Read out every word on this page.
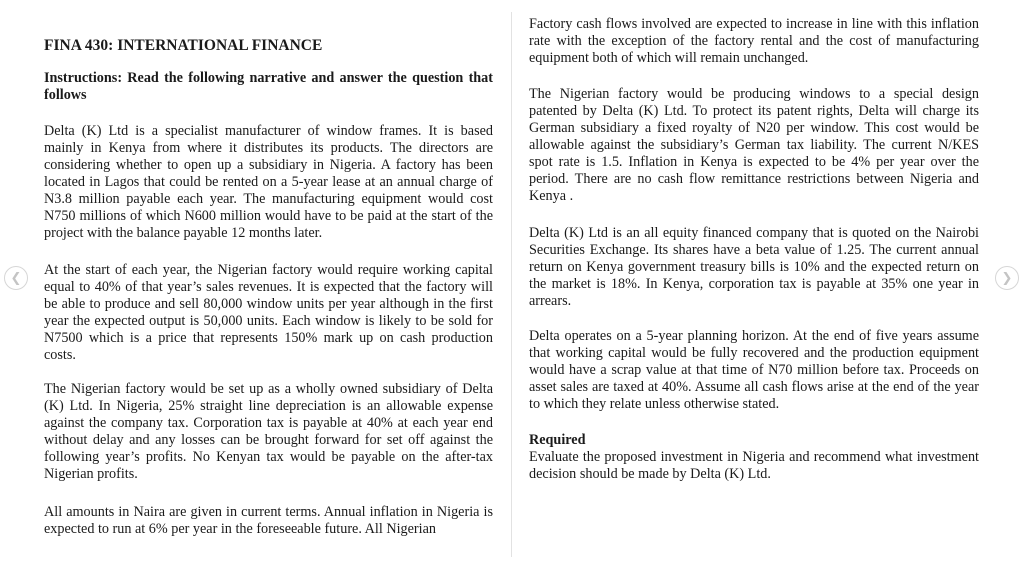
❮
FINA 430: INTERNATIONAL FINANCE

Instructions: Read the following narrative and answer the question that follows

Delta (K) Ltd is a specialist manufacturer of window frames. It is based mainly in Kenya from where it distributes its products. The directors are considering whether to open up a subsidiary in Nigeria. A factory has been located in Lagos that could be rented on a 5-year lease at an annual charge of N3.8 million payable each year. The manufacturing equipment would cost N750 millions of which N600 million would have to be paid at the start of the project with the balance payable 12 months later.

At the start of each year, the Nigerian factory would require working capital equal to 40% of that year’s sales revenues. It is expected that the factory will be able to produce and sell 80,000 window units per year although in the first year the expected output is 50,000 units. Each window is likely to be sold for N7500 which is a price that represents 150% mark up on cash production costs.

The Nigerian factory would be set up as a wholly owned subsidiary of Delta (K) Ltd. In Nigeria, 25% straight line depreciation is an allowable expense against the company tax. Corporation tax is payable at 40% at each year end without delay and any losses can be brought forward for set off against the following year’s profits. No Kenyan tax would be payable on the after-tax Nigerian profits.

All amounts in Naira are given in current terms. Annual inflation in Nigeria is expected to run at 6% per year in the foreseeable future. All Nigerian

Factory cash flows involved are expected to increase in line with this inflation rate with the exception of the factory rental and the cost of manufacturing equipment both of which will remain unchanged.

The Nigerian factory would be producing windows to a special design patented by Delta (K) Ltd. To protect its patent rights, Delta will charge its German subsidiary a fixed royalty of N20 per window. This cost would be allowable against the subsidiary’s German tax liability. The current N/KES spot rate is 1.5. Inflation in Kenya is expected to be 4% per year over the period. There are no cash flow remittance restrictions between Nigeria and Kenya .

Delta (K) Ltd is an all equity financed company that is quoted on the Nairobi Securities Exchange. Its shares have a beta value of 1.25. The current annual return on Kenya government treasury bills is 10% and the expected return on the market is 18%. In Kenya, corporation tax is payable at 35% one year in arrears.

Delta operates on a 5-year planning horizon. At the end of five years assume that working capital would be fully recovered and the production equipment would have a scrap value at that time of N70 million before tax. Proceeds on asset sales are taxed at 40%. Assume all cash flows arise at the end of the year to which they relate unless otherwise stated.

Required

Evaluate the proposed investment in Nigeria and recommend what investment decision should be made by Delta (K) Ltd.

❯
